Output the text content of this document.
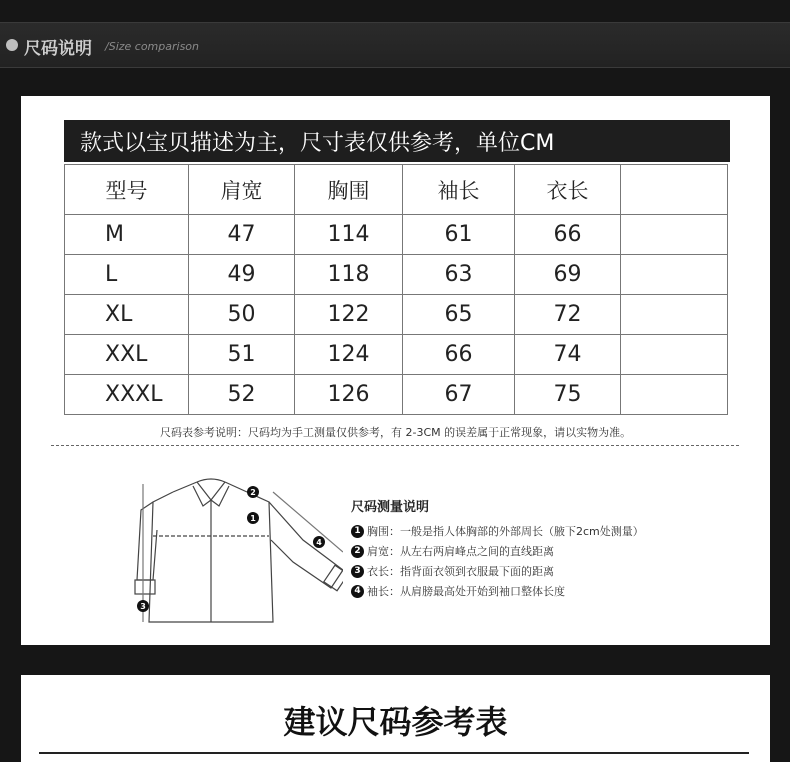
尺码说明 /Size comparison
款式以宝贝描述为主，尺寸表仅供参考，单位CM
型号	肩宽	胸围	袖长	衣长	
M	47	114	61	66	
L	49	118	63	69	
XL	50	122	65	72	
XXL	51	124	66	74	
XXXL	52	126	67	75	
尺码表参考说明：尺码均为手工测量仅供参考，有 2-3CM 的误差属于正常现象，请以实物为准。
1
2
3
4
尺码测量说明
1 胸围：一般是指人体胸部的外部周长（腋下2cm处测量）
2 肩宽：从左右两肩峰点之间的直线距离
3 衣长：指背面衣领到衣服最下面的距离
4 袖长：从肩膀最高处开始到袖口整体长度
建议尺码参考表
